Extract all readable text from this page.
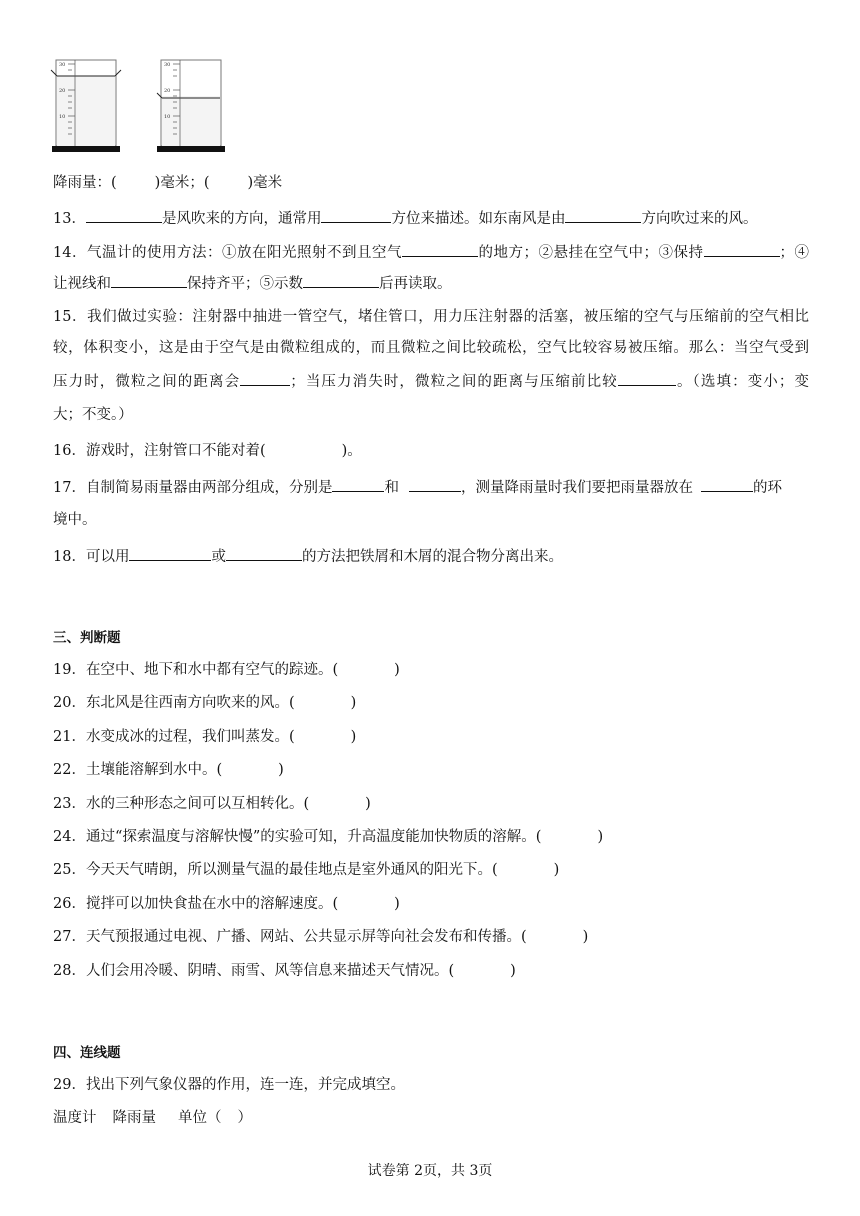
30
20
10
30
20
10
降雨量：(	)毫米；(	)毫米
13．	是风吹来的方向，通常用	方位来描述。如东南风是由	方向吹过来的风。
14．气温计的使用方法：①放在阳光照射不到且空气	的地方；②悬挂在空气中；③保持	；④
让视线和	保持齐平；⑤示数	后再读取。
15．我们做过实验：注射器中抽进一管空气，堵住管口，用力压注射器的活塞，被压缩的空气与压缩前的空气相比
较，体积变小，这是由于空气是由微粒组成的，而且微粒之间比较疏松，空气比较容易被压缩。那么：当空气受到
压力时，微粒之间的距离会	；当压力消失时，微粒之间的距离与压缩前比较	。（选填：变小；变
大；不变。）
16．游戏时，注射管口不能对着(	)。
17．自制简易雨量器由两部分组成，分别是	和	，测量降雨量时我们要把雨量器放在	的环
境中。
18．可以用	或	的方法把铁屑和木屑的混合物分离出来。
三、判断题
19．在空中、地下和水中都有空气的踪迹。(	)
20．东北风是往西南方向吹来的风。(	)
21．水变成冰的过程，我们叫蒸发。(	)
22．土壤能溶解到水中。(	)
23．水的三种形态之间可以互相转化。(	)
24．通过“探索温度与溶解快慢”的实验可知，升高温度能加快物质的溶解。(	)
25．今天天气晴朗，所以测量气温的最佳地点是室外通风的阳光下。(	)
26．搅拌可以加快食盐在水中的溶解速度。(	)
27．天气预报通过电视、广播、网站、公共显示屏等向社会发布和传播。(	)
28．人们会用冷暖、阴晴、雨雪、风等信息来描述天气情况。(	)
四、连线题
29．找出下列气象仪器的作用，连一连，并完成填空。
温度计 降雨量 单位（ ）
试卷第 2页，共 3页
